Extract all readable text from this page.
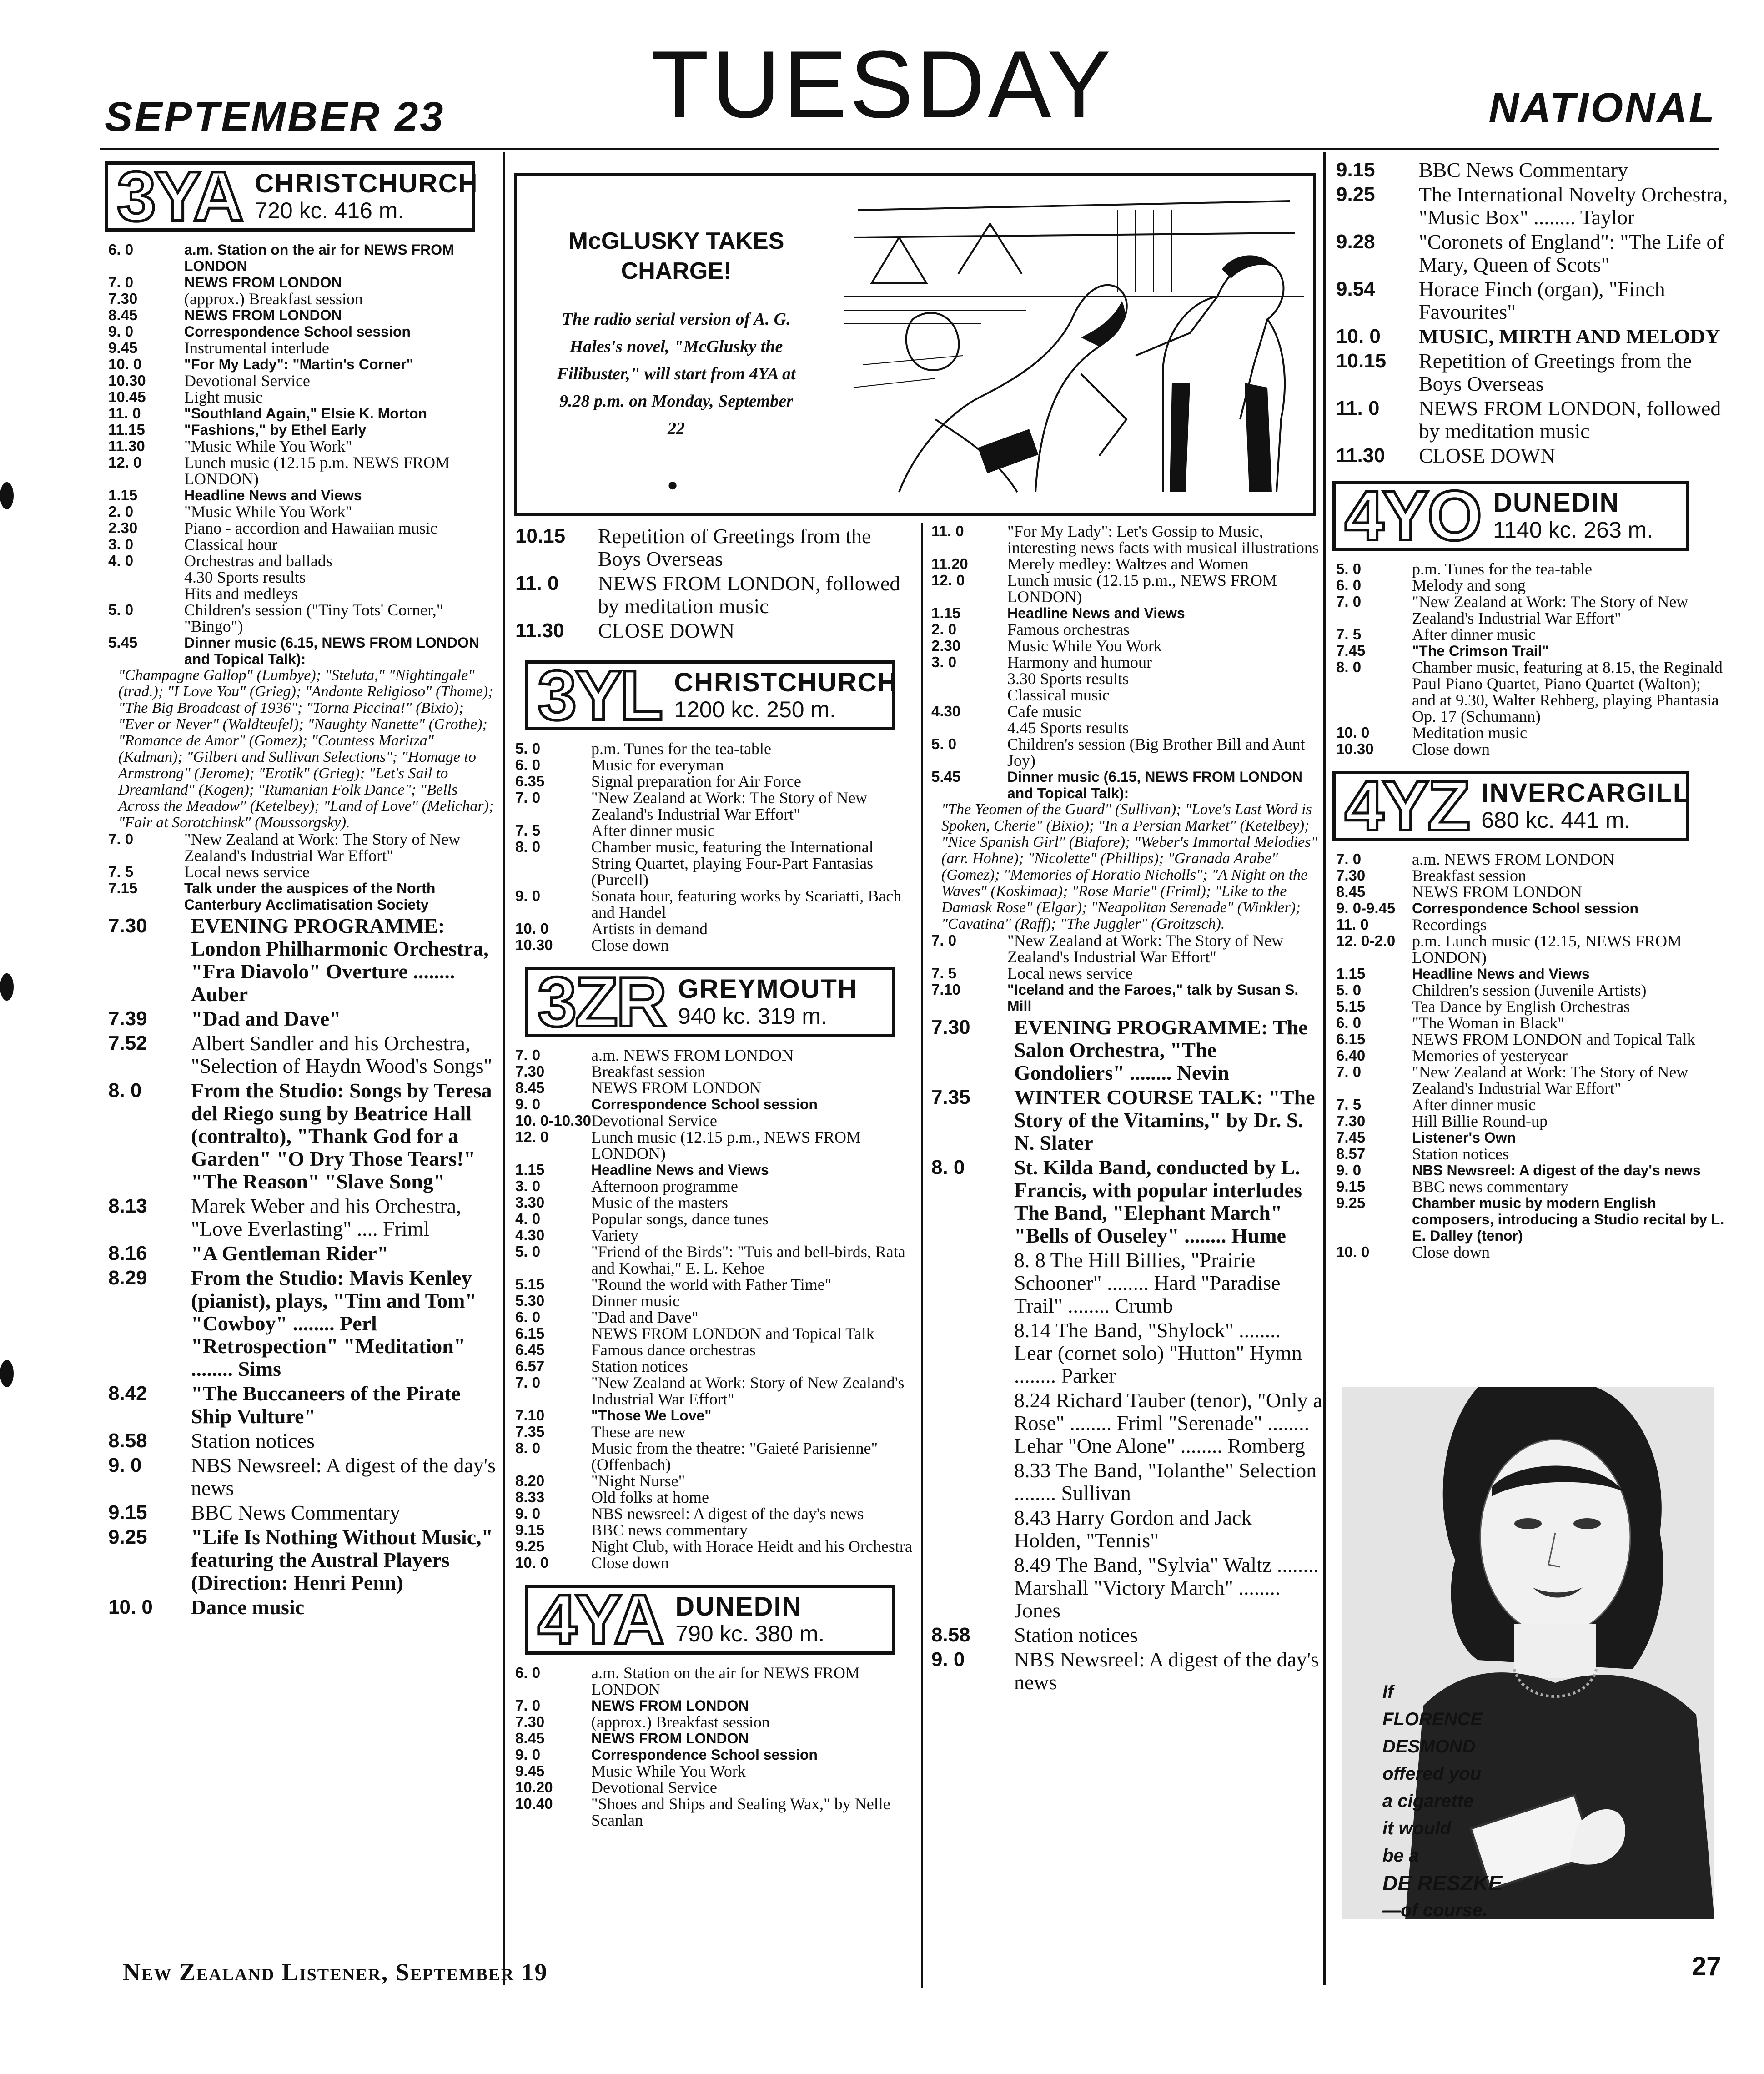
SEPTEMBER 23	TUESDAY	NATIONAL
3YA CHRISTCHURCH
720 kc. 416 m.
6. 0	a.m. Station on the air for NEWS FROM LONDON
7. 0	NEWS FROM LONDON
7.30	(approx.) Breakfast session
8.45	NEWS FROM LONDON
9. 0	Correspondence School session
9.45	Instrumental interlude
10. 0	"For My Lady": "Martin's Corner"
10.30	Devotional Service
10.45	Light music
11. 0	"Southland Again," Elsie K. Morton
11.15	"Fashions," by Ethel Early
11.30	"Music While You Work"
12. 0	Lunch music (12.15 p.m. NEWS FROM LONDON)
1.15	Headline News and Views
2. 0	"Music While You Work"
2.30	Piano - accordion and Hawaiian music
3. 0	Classical hour
4. 0	Orchestras and ballads
4.30 Sports results
Hits and medleys
5. 0	Children's session ("Tiny Tots' Corner," "Bingo")
5.45	Dinner music (6.15, NEWS FROM LONDON and Topical Talk):
"Champagne Gallop" (Lumbye); "Steluta," "Nightingale" (trad.); "I Love You" (Grieg); "Andante Religioso" (Thome); "The Big Broadcast of 1936"; "Torna Piccina!" (Bixio); "Ever or Never" (Waldteufel); "Naughty Nanette" (Grothe); "Romance de Amor" (Gomez); "Countess Maritza" (Kalman); "Gilbert and Sullivan Selections"; "Homage to Armstrong" (Jerome); "Erotik" (Grieg); "Let's Sail to Dreamland" (Kogen); "Rumanian Folk Dance"; "Bells Across the Meadow" (Ketelbey); "Land of Love" (Melichar); "Fair at Sorotchinsk" (Moussorgsky).
7. 0	"New Zealand at Work: The Story of New Zealand's Industrial War Effort"
7. 5	Local news service
7.15	Talk under the auspices of the North Canterbury Acclimatisation Society
7.30	EVENING PROGRAMME: London Philharmonic Orchestra, "Fra Diavolo" Overture ........ Auber
7.39	"Dad and Dave"
7.52	Albert Sandler and his Orchestra, "Selection of Haydn Wood's Songs"
8. 0	From the Studio: Songs by Teresa del Riego sung by Beatrice Hall (contralto), "Thank God for a Garden" "O Dry Those Tears!" "The Reason" "Slave Song"
8.13	Marek Weber and his Orchestra, "Love Everlasting" .... Friml
8.16	"A Gentleman Rider"
8.29	From the Studio: Mavis Kenley (pianist), plays, "Tim and Tom" "Cowboy" ........ Perl "Retrospection" "Meditation" ........ Sims
8.42	"The Buccaneers of the Pirate Ship Vulture"
8.58	Station notices
9. 0	NBS Newsreel: A digest of the day's news
9.15	BBC News Commentary
9.25	"Life Is Nothing Without Music," featuring the Austral Players (Direction: Henri Penn)
10. 0	Dance music
McGLUSKY TAKES CHARGE!
The radio serial version of A. G. Hales's novel, "McGlusky the Filibuster," will start from 4YA at 9.28 p.m. on Monday, September 22
●
10.15	Repetition of Greetings from the Boys Overseas
11. 0	NEWS FROM LONDON, followed by meditation music
11.30	CLOSE DOWN
3YL CHRISTCHURCH
1200 kc. 250 m.
5. 0	p.m. Tunes for the tea-table
6. 0	Music for everyman
6.35	Signal preparation for Air Force
7. 0	"New Zealand at Work: The Story of New Zealand's Industrial War Effort"
7. 5	After dinner music
8. 0	Chamber music, featuring the International String Quartet, playing Four-Part Fantasias (Purcell)
9. 0	Sonata hour, featuring works by Scariatti, Bach and Handel
10. 0	Artists in demand
10.30	Close down
3ZR GREYMOUTH
940 kc. 319 m.
7. 0	a.m. NEWS FROM LONDON
7.30	Breakfast session
8.45	NEWS FROM LONDON
9. 0	Correspondence School session
10. 0-10.30 Devotional Service
12. 0	Lunch music (12.15 p.m., NEWS FROM LONDON)
1.15	Headline News and Views
3. 0	Afternoon programme
3.30	Music of the masters
4. 0	Popular songs, dance tunes
4.30	Variety
5. 0	"Friend of the Birds": "Tuis and bell-birds, Rata and Kowhai," E. L. Kehoe
5.15	"Round the world with Father Time"
5.30	Dinner music
6. 0	"Dad and Dave"
6.15	NEWS FROM LONDON and Topical Talk
6.45	Famous dance orchestras
6.57	Station notices
7. 0	"New Zealand at Work: Story of New Zealand's Industrial War Effort"
7.10	"Those We Love"
7.35	These are new
8. 0	Music from the theatre: "Gaieté Parisienne" (Offenbach)
8.20	"Night Nurse"
8.33	Old folks at home
9. 0	NBS newsreel: A digest of the day's news
9.15	BBC news commentary
9.25	Night Club, with Horace Heidt and his Orchestra
10. 0	Close down
4YA DUNEDIN
790 kc. 380 m.
6. 0	a.m. Station on the air for NEWS FROM LONDON
7. 0	NEWS FROM LONDON
7.30	(approx.) Breakfast session
8.45	NEWS FROM LONDON
9. 0	Correspondence School session
9.45	Music While You Work
10.20	Devotional Service
10.40	"Shoes and Ships and Sealing Wax," by Nelle Scanlan
11. 0	"For My Lady": Let's Gossip to Music, interesting news facts with musical illustrations
11.20	Merely medley: Waltzes and Women
12. 0	Lunch music (12.15 p.m., NEWS FROM LONDON)
1.15	Headline News and Views
2. 0	Famous orchestras
2.30	Music While You Work
3. 0	Harmony and humour
3.30 Sports results
Classical music
4.30	Cafe music
4.45 Sports results
5. 0	Children's session (Big Brother Bill and Aunt Joy)
5.45	Dinner music (6.15, NEWS FROM LONDON and Topical Talk):
"The Yeomen of the Guard" (Sullivan); "Love's Last Word is Spoken, Cherie" (Bixio); "In a Persian Market" (Ketelbey); "Nice Spanish Girl" (Biafore); "Weber's Immortal Melodies" (arr. Hohne); "Nicolette" (Phillips); "Granada Arabe" (Gomez); "Memories of Horatio Nicholls"; "A Night on the Waves" (Koskimaa); "Rose Marie" (Friml); "Like to the Damask Rose" (Elgar); "Neapolitan Serenade" (Winkler); "Cavatina" (Raff); "The Juggler" (Groitzsch).
7. 0	"New Zealand at Work: The Story of New Zealand's Industrial War Effort"
7. 5	Local news service
7.10	"Iceland and the Faroes," talk by Susan S. Mill
7.30	EVENING PROGRAMME: The Salon Orchestra, "The Gondoliers" ........ Nevin
7.35	WINTER COURSE TALK: "The Story of the Vitamins," by Dr. S. N. Slater
8. 0	St. Kilda Band, conducted by L. Francis, with popular interludes The Band, "Elephant March" "Bells of Ouseley" ........ Hume
8. 8 The Hill Billies, "Prairie Schooner" ........ Hard "Paradise Trail" ........ Crumb
8.14 The Band, "Shylock" ........ Lear (cornet solo) "Hutton" Hymn ........ Parker
8.24 Richard Tauber (tenor), "Only a Rose" ........ Friml "Serenade" ........ Lehar "One Alone" ........ Romberg
8.33 The Band, "Iolanthe" Selection ........ Sullivan
8.43 Harry Gordon and Jack Holden, "Tennis"
8.49 The Band, "Sylvia" Waltz ........ Marshall "Victory March" ........ Jones
8.58	Station notices
9. 0	NBS Newsreel: A digest of the day's news
9.15	BBC News Commentary
9.25	The International Novelty Orchestra, "Music Box" ........ Taylor
9.28	"Coronets of England": "The Life of Mary, Queen of Scots"
9.54	Horace Finch (organ), "Finch Favourites"
10. 0	MUSIC, MIRTH AND MELODY
10.15	Repetition of Greetings from the Boys Overseas
11. 0	NEWS FROM LONDON, followed by meditation music
11.30	CLOSE DOWN
4YO DUNEDIN
1140 kc. 263 m.
5. 0	p.m. Tunes for the tea-table
6. 0	Melody and song
7. 0	"New Zealand at Work: The Story of New Zealand's Industrial War Effort"
7. 5	After dinner music
7.45	"The Crimson Trail"
8. 0	Chamber music, featuring at 8.15, the Reginald Paul Piano Quartet, Piano Quartet (Walton); and at 9.30, Walter Rehberg, playing Phantasia Op. 17 (Schumann)
10. 0	Meditation music
10.30	Close down
4YZ INVERCARGILL
680 kc. 441 m.
7. 0	a.m. NEWS FROM LONDON
7.30	Breakfast session
8.45	NEWS FROM LONDON
9. 0-9.45	Correspondence School session
11. 0	Recordings
12. 0-2.0	p.m. Lunch music (12.15, NEWS FROM LONDON)
1.15	Headline News and Views
5. 0	Children's session (Juvenile Artists)
5.15	Tea Dance by English Orchestras
6. 0	"The Woman in Black"
6.15	NEWS FROM LONDON and Topical Talk
6.40	Memories of yesteryear
7. 0	"New Zealand at Work: The Story of New Zealand's Industrial War Effort"
7. 5	After dinner music
7.30	Hill Billie Round-up
7.45	Listener's Own
8.57	Station notices
9. 0	NBS Newsreel: A digest of the day's news
9.15	BBC news commentary
9.25	Chamber music by modern English composers, introducing a Studio recital by L. E. Dalley (tenor)
10. 0	Close down
If
FLORENCE
DESMOND
offered you
a cigarette
it would
be a
DE RESZKE
—of course.
New Zealand Listener, September 19	27
